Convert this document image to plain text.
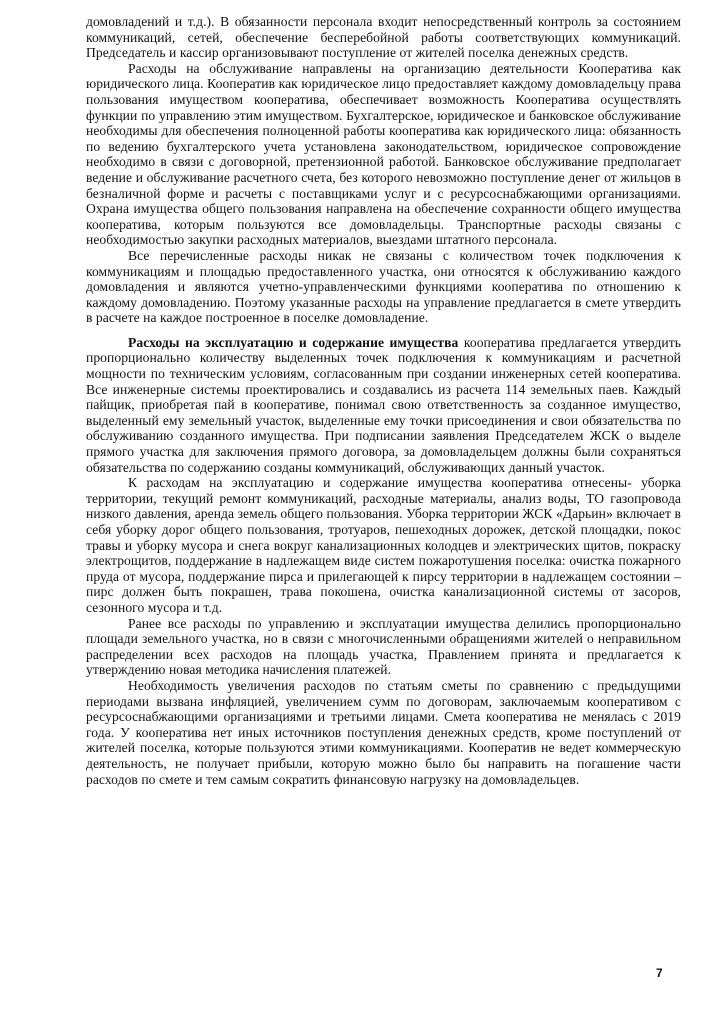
домовладений и т.д.). В обязанности персонала входит непосредственный контроль за состоянием коммуникаций, сетей, обеспечение бесперебойной работы соответствующих коммуникаций. Председатель и кассир организовывают поступление от жителей поселка денежных средств.

Расходы на обслуживание направлены на организацию деятельности Кооператива как юридического лица. Кооператив как юридическое лицо предоставляет каждому домовладельцу права пользования имуществом кооператива, обеспечивает возможность Кооператива осуществлять функции по управлению этим имуществом. Бухгалтерское, юридическое и банковское обслуживание необходимы для обеспечения полноценной работы кооператива как юридического лица: обязанность по ведению бухгалтерского учета установлена законодательством, юридическое сопровождение необходимо в связи с договорной, претензионной работой. Банковское обслуживание предполагает ведение и обслуживание расчетного счета, без которого невозможно поступление денег от жильцов в безналичной форме и расчеты с поставщиками услуг и с ресурсоснабжающими организациями. Охрана имущества общего пользования направлена на обеспечение сохранности общего имущества кооператива, которым пользуются все домовладельцы. Транспортные расходы связаны с необходимостью закупки расходных материалов, выездами штатного персонала.

Все перечисленные расходы никак не связаны с количеством точек подключения к коммуникациям и площадью предоставленного участка, они относятся к обслуживанию каждого домовладения и являются учетно-управленческими функциями кооператива по отношению к каждому домовладению. Поэтому указанные расходы на управление предлагается в смете утвердить в расчете на каждое построенное в поселке домовладение.

Расходы на эксплуатацию и содержание имущества кооператива предлагается утвердить пропорционально количеству выделенных точек подключения к коммуникациям и расчетной мощности по техническим условиям, согласованным при создании инженерных сетей кооператива. Все инженерные системы проектировались и создавались из расчета 114 земельных паев. Каждый пайщик, приобретая пай в кооперативе, понимал свою ответственность за созданное имущество, выделенный ему земельный участок, выделенные ему точки присоединения и свои обязательства по обслуживанию созданного имущества. При подписании заявления Председателем ЖСК о выделе прямого участка для заключения прямого договора, за домовладельцем должны были сохраняться обязательства по содержанию созданы коммуникаций, обслуживающих данный участок.

К расходам на эксплуатацию и содержание имущества кооператива отнесены- уборка территории, текущий ремонт коммуникаций, расходные материалы, анализ воды, ТО газопровода низкого давления, аренда земель общего пользования. Уборка территории ЖСК «Дарьин» включает в себя уборку дорог общего пользования, тротуаров, пешеходных дорожек, детской площадки, покос травы и уборку мусора и снега вокруг канализационных колодцев и электрических щитов, покраску электрощитов, поддержание в надлежащем виде систем пожаротушения поселка: очистка пожарного пруда от мусора, поддержание пирса и прилегающей к пирсу территории в надлежащем состоянии – пирс должен быть покрашен, трава покошена, очистка канализационной системы от засоров, сезонного мусора и т.д.

Ранее все расходы по управлению и эксплуатации имущества делились пропорционально площади земельного участка, но в связи с многочисленными обращениями жителей о неправильном распределении всех расходов на площадь участка, Правлением принята и предлагается к утверждению новая методика начисления платежей.

Необходимость увеличения расходов по статьям сметы по сравнению с предыдущими периодами вызвана инфляцией, увеличением сумм по договорам, заключаемым кооперативом с ресурсоснабжающими организациями и третьими лицами. Смета кооператива не менялась с 2019 года. У кооператива нет иных источников поступления денежных средств, кроме поступлений от жителей поселка, которые пользуются этими коммуникациями. Кооператив не ведет коммерческую деятельность, не получает прибыли, которую можно было бы направить на погашение части расходов по смете и тем самым сократить финансовую нагрузку на домовладельцев.

7
